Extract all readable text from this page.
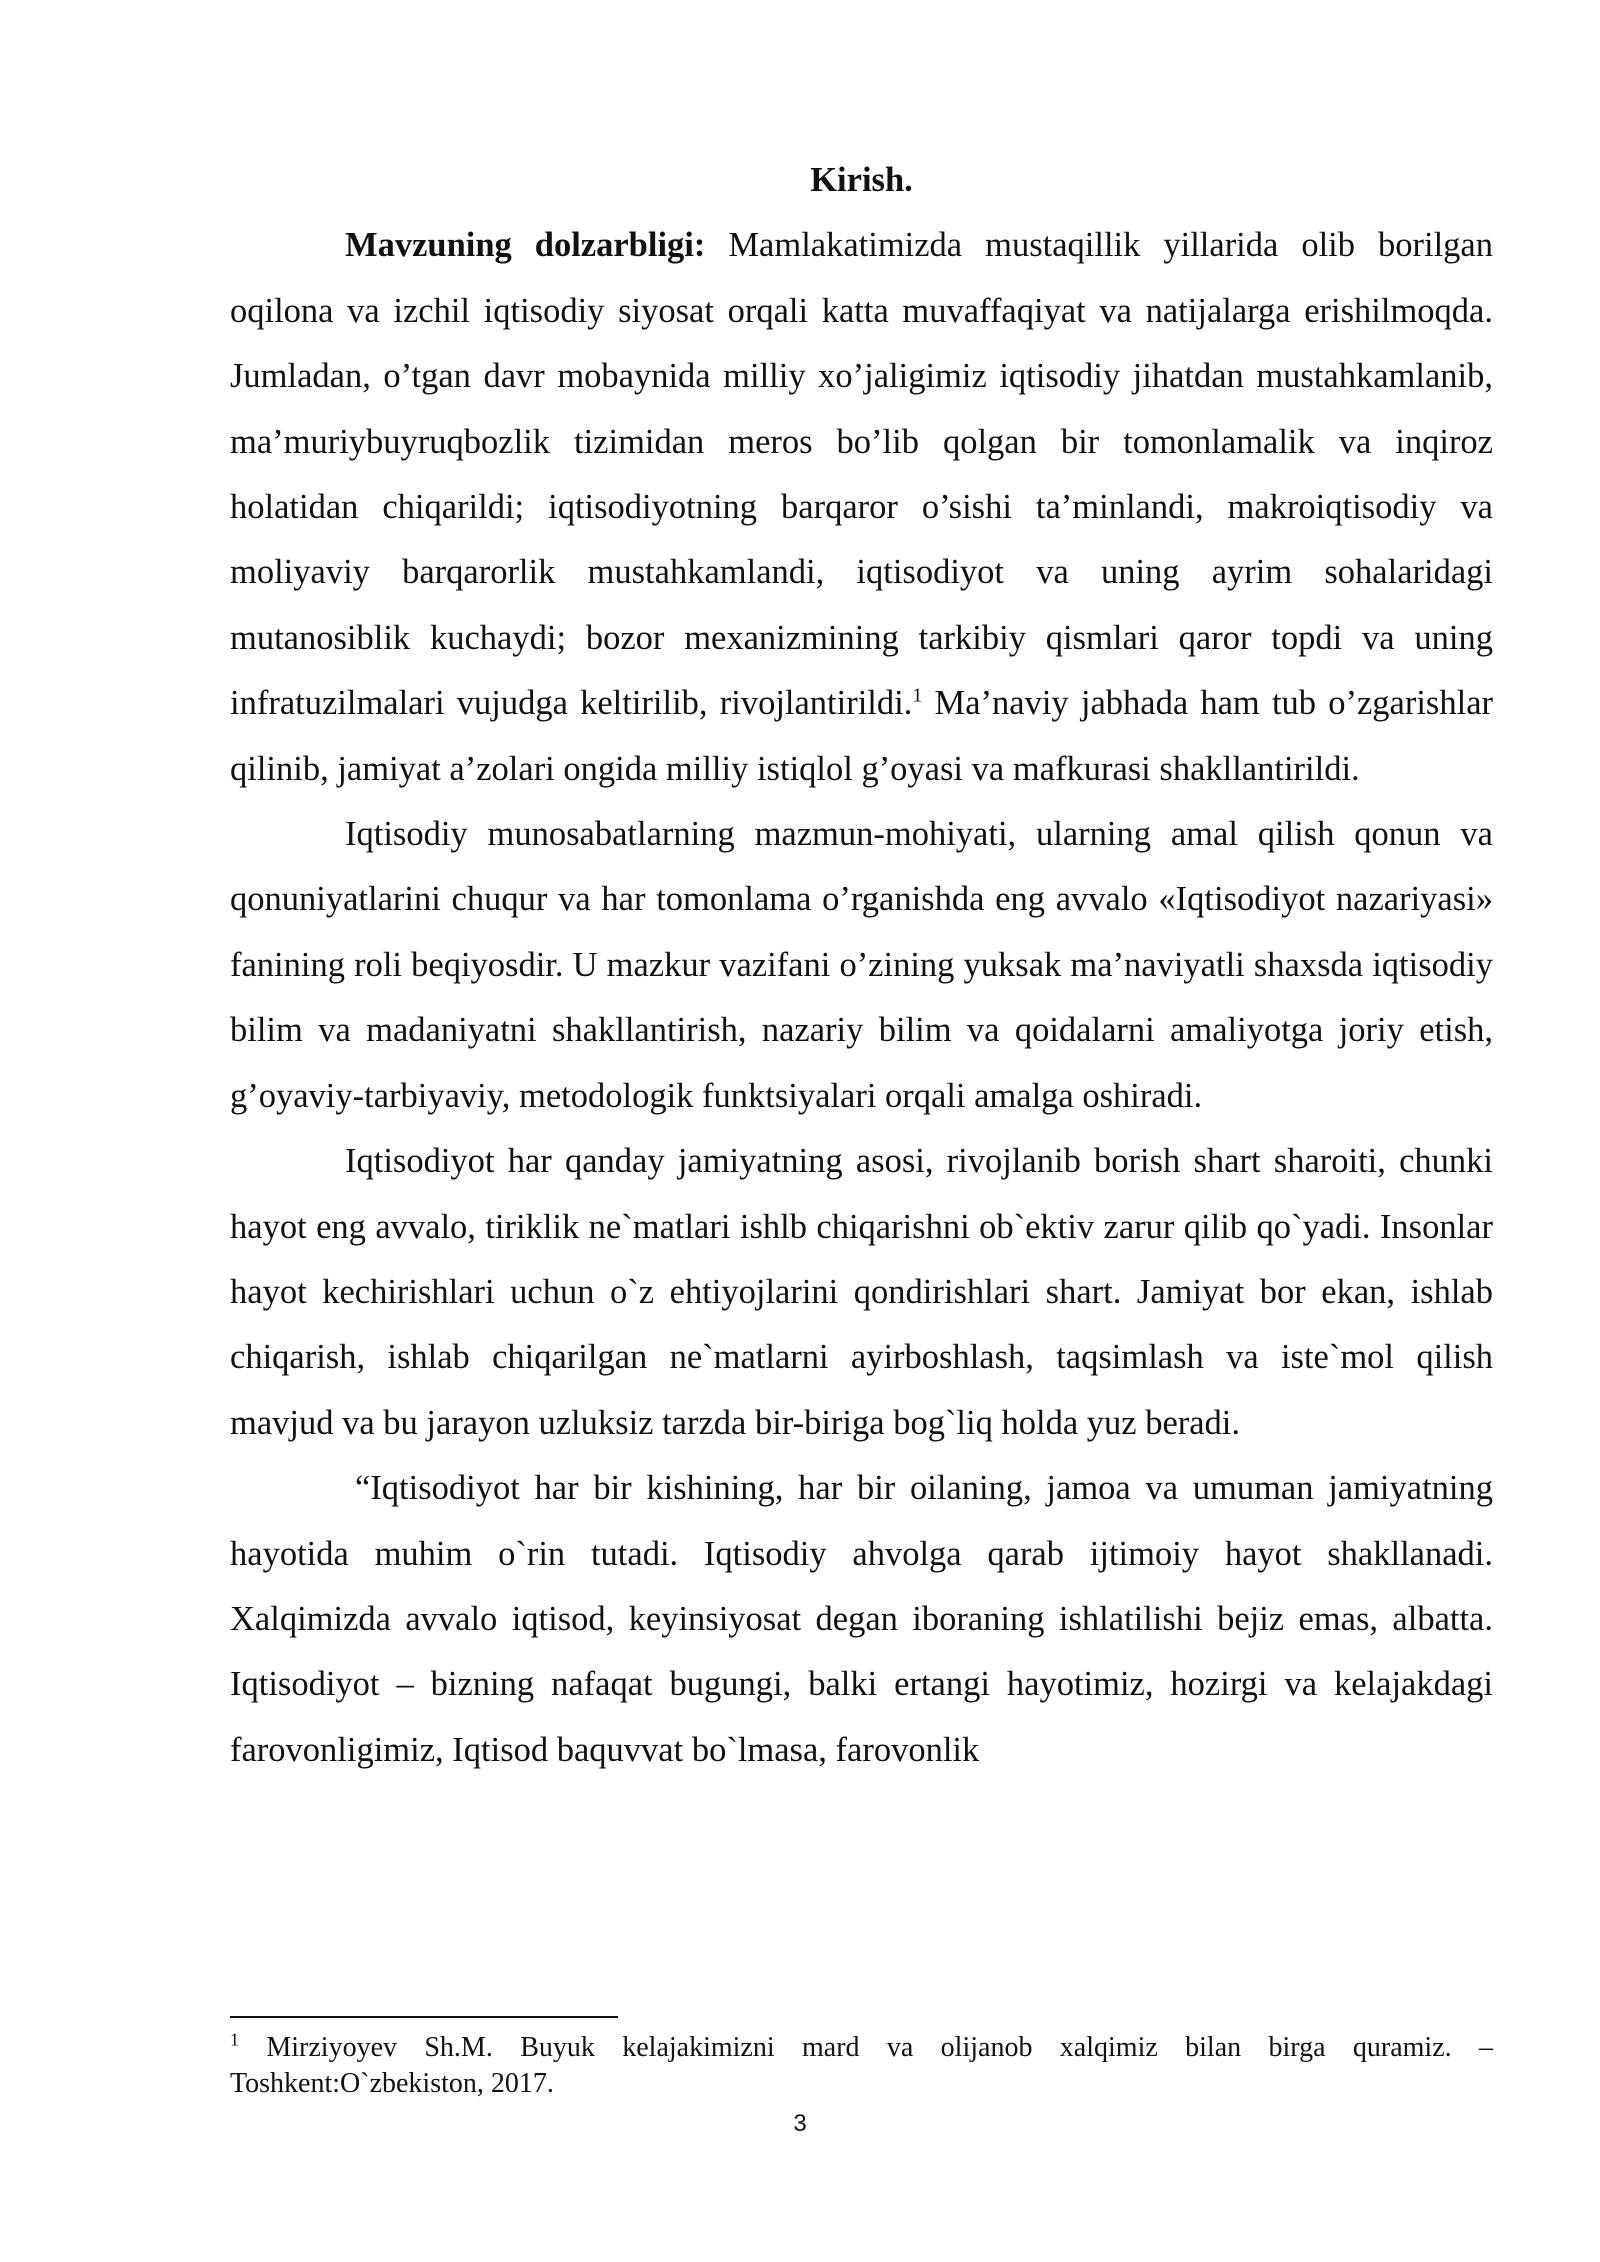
Kirish.

Mavzuning dolzarbligi: Mamlakatimizda mustaqillik yillarida olib borilgan oqilona va izchil iqtisodiy siyosat orqali katta muvaffaqiyat va natijalarga erishilmoqda. Jumladan, o’tgan davr mobaynida milliy xo’jaligimiz iqtisodiy jihatdan mustahkamlanib, ma’muriybuyruqbozlik tizimidan meros bo’lib qolgan bir tomonlamalik va inqiroz holatidan chiqarildi; iqtisodiyotning barqaror o’sishi ta’minlandi, makroiqtisodiy va moliyaviy barqarorlik mustahkamlandi, iqtisodiyot va uning ayrim sohalaridagi mutanosiblik kuchaydi; bozor mexanizmining tarkibiy qismlari qaror topdi va uning infratuzilmalari vujudga keltirilib, rivojlantirildi.$^1$ Ma’naviy jabhada ham tub o’zgarishlar qilinib, jamiyat a’zolari ongida milliy istiqlol g’oyasi va mafkurasi shakllantirildi.

Iqtisodiy munosabatlarning mazmun-mohiyati, ularning amal qilish qonun va qonuniyatlarini chuqur va har tomonlama o’rganishda eng avvalo «Iqtisodiyot nazariyasi» fanining roli beqiyosdir. U mazkur vazifani o’zining yuksak ma’naviyatli shaxsda iqtisodiy bilim va madaniyatni shakllantirish, nazariy bilim va qoidalarni amaliyotga joriy etish, g’oyaviy-tarbiyaviy, metodologik funktsiyalari orqali amalga oshiradi.

Iqtisodiyot har qanday jamiyatning asosi, rivojlanib borish shart sharoiti, chunki hayot eng avvalo, tiriklik ne`matlari ishlb chiqarishni ob`ektiv zarur qilib qo`yadi. Insonlar hayot kechirishlari uchun o`z ehtiyojlarini qondirishlari shart. Jamiyat bor ekan, ishlab chiqarish, ishlab chiqarilgan ne`matlarni ayirboshlash, taqsimlash va iste`mol qilish mavjud va bu jarayon uzluksiz tarzda bir-biriga bog`liq holda yuz beradi.

“Iqtisodiyot har bir kishining, har bir oilaning, jamoa va umuman jamiyatning hayotida muhim o`rin tutadi. Iqtisodiy ahvolga qarab ijtimoiy hayot shakllanadi. Xalqimizda avvalo iqtisod, keyinsiyosat degan iboraning ishlatilishi bejiz emas, albatta. Iqtisodiyot – bizning nafaqat bugungi, balki ertangi hayotimiz, hozirgi va kelajakdagi farovonligimiz, Iqtisod baquvvat bo`lmasa, farovonlik

$^1$ Mirziyoyev Sh.M. Buyuk kelajakimizni mard va olijanob xalqimiz bilan birga quramiz. – Toshkent:O`zbekiston, 2017.

3
